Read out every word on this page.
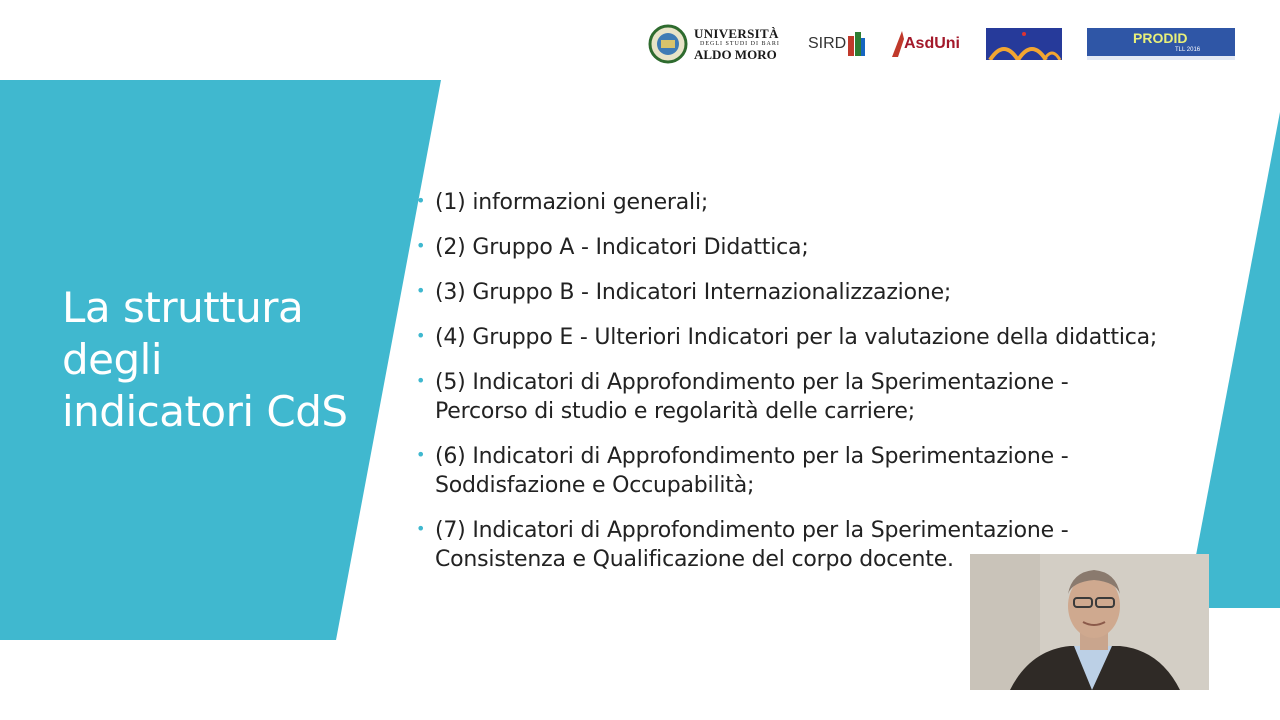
UNIVERSITÀ
DEGLI STUDI DI BARI
ALDO MORO
SIRD	AsdUni	PRODID
TLL 2016
La struttura
degli
indicatori CdS
• (1) informazioni generali;
• (2) Gruppo A - Indicatori Didattica;
• (3) Gruppo B - Indicatori Internazionalizzazione;
• (4) Gruppo E - Ulteriori Indicatori per la valutazione della didattica;
• (5) Indicatori di Approfondimento per la Sperimentazione -
Percorso di studio e regolarità delle carriere;
• (6) Indicatori di Approfondimento per la Sperimentazione -
Soddisfazione e Occupabilità;
• (7) Indicatori di Approfondimento per la Sperimentazione -
Consistenza e Qualificazione del corpo docente.
